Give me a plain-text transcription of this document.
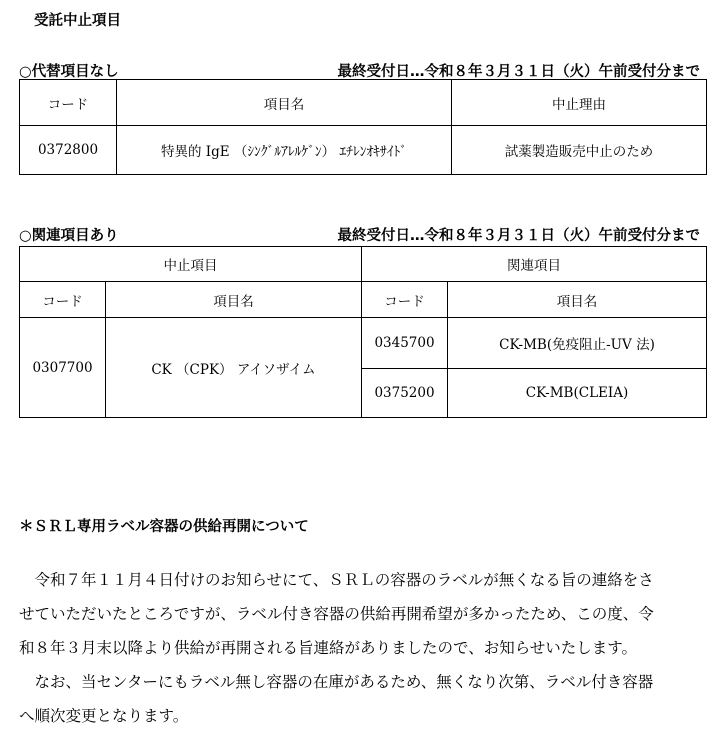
受託中止項目
○代替項目なし	最終受付日…令和８年３月３１日（火）午前受付分まで
コード	項目名	中止理由
0372800	特異的 IgE （ｼﾝｸﾞﾙｱﾚﾙｹﾞﾝ） ｴﾁﾚﾝｵｷｻｲﾄﾞ	試薬製造販売中止のため
○関連項目あり	最終受付日…令和８年３月３１日（火）午前受付分まで
中止項目		関連項目	
コード	項目名	コード	項目名
0307700	CK （CPK） アイソザイム	0345700	CK-MB(免疫阻止-UV 法)
		0375200	CK-MB(CLEIA)
＊ＳＲＬ専用ラベル容器の供給再開について
　令和７年１１月４日付けのお知らせにて、ＳＲＬの容器のラベルが無くなる旨の連絡をさ
せていただいたところですが、ラベル付き容器の供給再開希望が多かったため、この度、令
和８年３月末以降より供給が再開される旨連絡がありましたので、お知らせいたします。
　なお、当センターにもラベル無し容器の在庫があるため、無くなり次第、ラベル付き容器
へ順次変更となります。
